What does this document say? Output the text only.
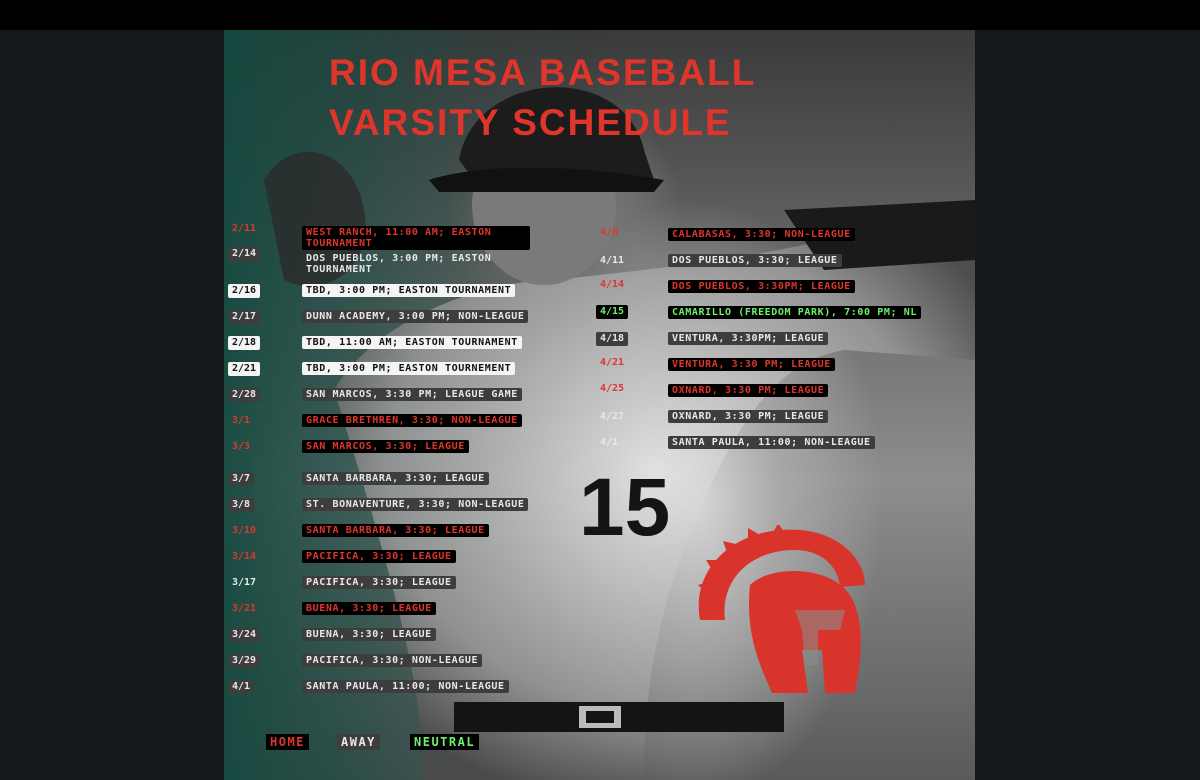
15
RIO MESA BASEBALL
VARSITY SCHEDULE
2/11	WEST RANCH, 11:00 AM; EASTON TOURNAMENT
2/14	DOS PUEBLOS, 3:00 PM; EASTON TOURNAMENT
2/16	TBD, 3:00 PM; EASTON TOURNAMENT
2/17	DUNN ACADEMY, 3:00 PM; NON-LEAGUE
2/18	TBD, 11:00 AM; EASTON TOURNAMENT
2/21	TBD, 3:00 PM; EASTON TOURNEMENT
2/28	SAN MARCOS, 3:30 PM; LEAGUE GAME
3/1	GRACE BRETHREN, 3:30; NON-LEAGUE
3/3	SAN MARCOS, 3:30; LEAGUE
3/7	SANTA BARBARA, 3:30; LEAGUE
3/8	ST. BONAVENTURE, 3:30; NON-LEAGUE
3/10	SANTA BARBARA, 3:30; LEAGUE
3/14	PACIFICA, 3:30; LEAGUE
3/17	PACIFICA, 3:30; LEAGUE
3/21	BUENA, 3:30; LEAGUE
3/24	BUENA, 3:30; LEAGUE
3/29	PACIFICA, 3:30; NON-LEAGUE
4/1	SANTA PAULA, 11:00; NON-LEAGUE
4/6	CALABASAS, 3:30; NON-LEAGUE
4/11	DOS PUEBLOS, 3:30; LEAGUE
4/14	DOS PUEBLOS, 3:30PM; LEAGUE
4/15	CAMARILLO (FREEDOM PARK), 7:00 PM; NL
4/18	VENTURA, 3:30PM; LEAGUE
4/21	VENTURA, 3:30 PM; LEAGUE
4/25	OXNARD, 3:30 PM; LEAGUE
4/27	OXNARD, 3:30 PM; LEAGUE
4/1	SANTA PAULA, 11:00; NON-LEAGUE
HOME	AWAY	NEUTRAL
